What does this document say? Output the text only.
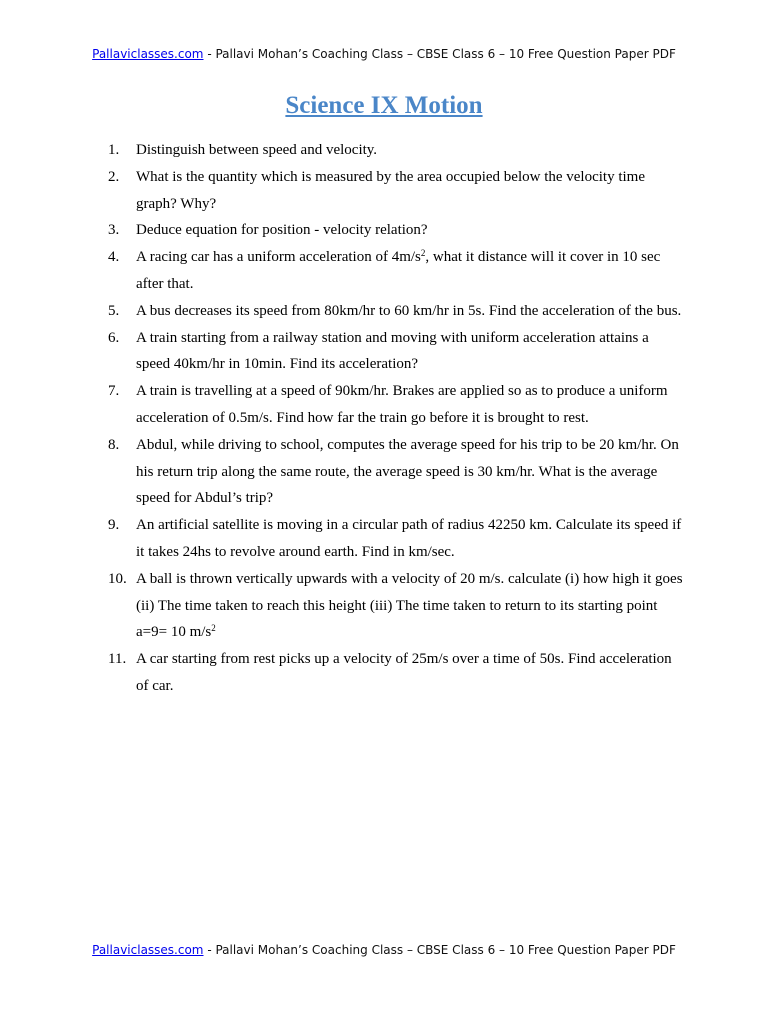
Pallaviclasses.com - Pallavi Mohan’s Coaching Class – CBSE Class 6 – 10 Free Question Paper PDF
Science IX Motion
1. Distinguish between speed and velocity.
2. What is the quantity which is measured by the area occupied below the velocity time graph? Why?
3. Deduce equation for position - velocity relation?
4. A racing car has a uniform acceleration of $4m/s^2$, what it distance will it cover in 10 sec after that.
5. A bus decreases its speed from 80km/hr to 60 km/hr in 5s. Find the acceleration of the bus.
6. A train starting from a railway station and moving with uniform acceleration attains a speed 40km/hr in 10min. Find its acceleration?
7. A train is travelling at a speed of 90km/hr. Brakes are applied so as to produce a uniform acceleration of 0.5m/s. Find how far the train go before it is brought to rest.
8. Abdul, while driving to school, computes the average speed for his trip to be 20 km/hr. On his return trip along the same route, the average speed is 30 km/hr. What is the average speed for Abdul’s trip?
9. An artificial satellite is moving in a circular path of radius 42250 km. Calculate its speed if it takes 24hs to revolve around earth. Find in km/sec.
10. A ball is thrown vertically upwards with a velocity of 20 m/s. calculate (i) how high it goes (ii) The time taken to reach this height (iii) The time taken to return to its starting point a=9= 10 $m/s^2$
11. A car starting from rest picks up a velocity of 25m/s over a time of 50s. Find acceleration of car.
Pallaviclasses.com - Pallavi Mohan’s Coaching Class – CBSE Class 6 – 10 Free Question Paper PDF
